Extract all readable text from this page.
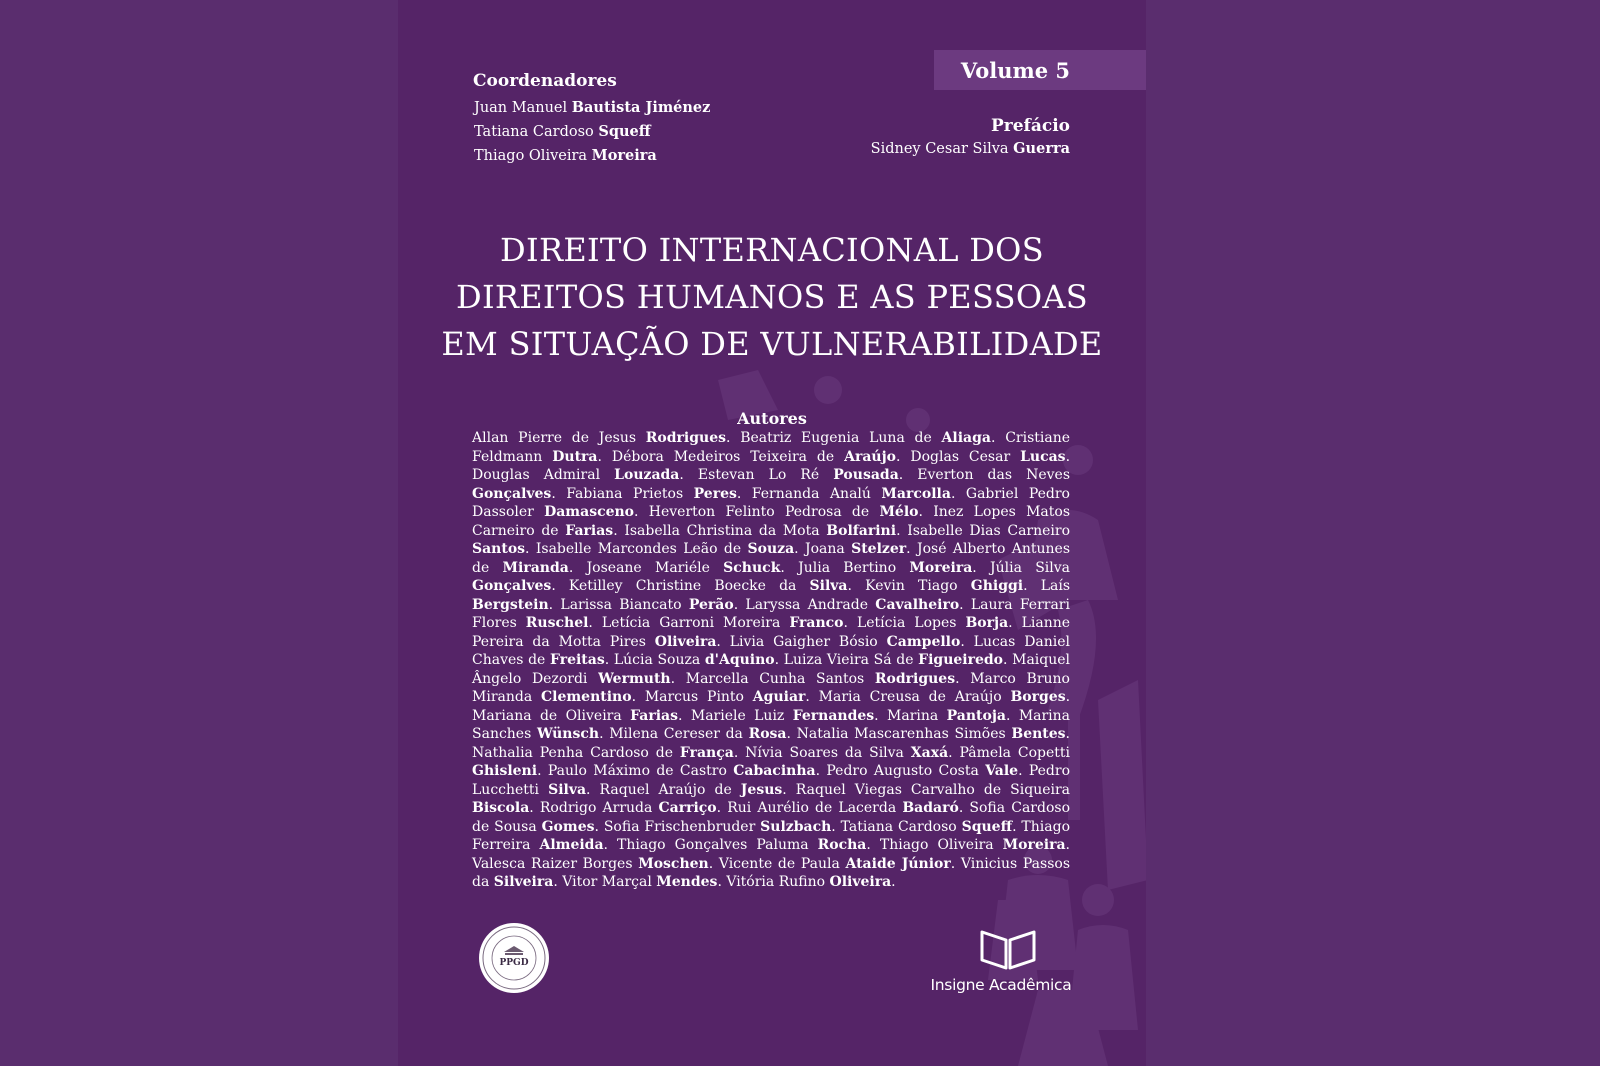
Volume 5
Coordenadores
Juan Manuel Bautista Jiménez
Tatiana Cardoso Squeff
Thiago Oliveira Moreira
Prefácio
Sidney Cesar Silva Guerra
DIREITO INTERNACIONAL DOS
DIREITOS HUMANOS E AS PESSOAS
EM SITUAÇÃO DE VULNERABILIDADE
Autores
Allan Pierre de Jesus Rodrigues. Beatriz Eugenia Luna de Aliaga. Cristiane Feldmann Dutra. Débora Medeiros Teixeira de Araújo. Doglas Cesar Lucas. Douglas Admiral Louzada. Estevan Lo Ré Pousada. Everton das Neves Gonçalves. Fabiana Prietos Peres. Fernanda Analú Marcolla. Gabriel Pedro Dassoler Damasceno. Heverton Felinto Pedrosa de Mélo. Inez Lopes Matos Carneiro de Farias. Isabella Christina da Mota Bolfarini. Isabelle Dias Carneiro Santos. Isabelle Marcondes Leão de Souza. Joana Stelzer. José Alberto Antunes de Miranda. Joseane Mariéle Schuck. Julia Bertino Moreira. Júlia Silva Gonçalves. Ketilley Christine Boecke da Silva. Kevin Tiago Ghiggi. Laís Bergstein. Larissa Biancato Perão. Laryssa Andrade Cavalheiro. Laura Ferrari Flores Ruschel. Letícia Garroni Moreira Franco. Letícia Lopes Borja. Lianne Pereira da Motta Pires Oliveira. Livia Gaigher Bósio Campello. Lucas Daniel Chaves de Freitas. Lúcia Souza d'Aquino. Luiza Vieira Sá de Figueiredo. Maiquel Ângelo Dezordi Wermuth. Marcella Cunha Santos Rodrigues. Marco Bruno Miranda Clementino. Marcus Pinto Aguiar. Maria Creusa de Araújo Borges. Mariana de Oliveira Farias. Mariele Luiz Fernandes. Marina Pantoja. Marina Sanches Wünsch. Milena Cereser da Rosa. Natalia Mascarenhas Simões Bentes. Nathalia Penha Cardoso de França. Nívia Soares da Silva Xaxá. Pâmela Copetti Ghisleni. Paulo Máximo de Castro Cabacinha. Pedro Augusto Costa Vale. Pedro Lucchetti Silva. Raquel Araújo de Jesus. Raquel Viegas Carvalho de Siqueira Biscola. Rodrigo Arruda Carriço. Rui Aurélio de Lacerda Badaró. Sofia Cardoso de Sousa Gomes. Sofia Frischenbruder Sulzbach. Tatiana Cardoso Squeff. Thiago Ferreira Almeida. Thiago Gonçalves Paluma Rocha. Thiago Oliveira Moreira. Valesca Raizer Borges Moschen. Vicente de Paula Ataide Júnior. Vinicius Passos da Silveira. Vitor Marçal Mendes. Vitória Rufino Oliveira.
PPGD
Insigne Acadêmica
